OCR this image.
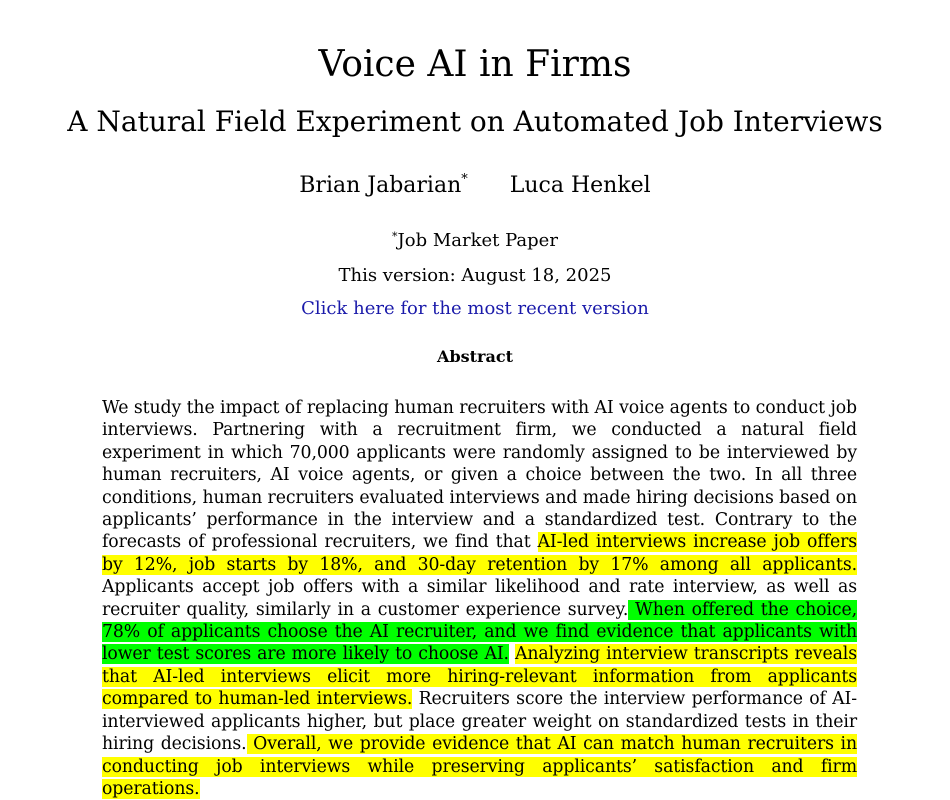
Voice AI in Firms
A Natural Field Experiment on Automated Job Interviews
Brian Jabarian* Luca Henkel
*Job Market Paper
This version: August 18, 2025
Click here for the most recent version
Abstract
We study the impact of replacing human recruiters with AI voice agents to conduct job interviews. Partnering with a recruitment firm, we conducted a natural field experiment in which 70,000 applicants were randomly assigned to be interviewed by human recruiters, AI voice agents, or given a choice between the two. In all three conditions, human recruiters evaluated interviews and made hiring decisions based on applicants’ performance in the interview and a standardized test. Contrary to the forecasts of professional recruiters, we find that AI-led interviews increase job offers by 12%, job starts by 18%, and 30-day retention by 17% among all applicants. Applicants accept job offers with a similar likelihood and rate interview, as well as recruiter quality, similarly in a customer experience survey. When offered the choice, 78% of applicants choose the AI recruiter, and we find evidence that applicants with lower test scores are more likely to choose AI. Analyzing interview transcripts reveals that AI-led interviews elicit more hiring-relevant information from applicants compared to human-led interviews. Recruiters score the interview performance of AI-interviewed applicants higher, but place greater weight on standardized tests in their hiring decisions. Overall, we provide evidence that AI can match human recruiters in conducting job interviews while preserving applicants’ satisfaction and firm operations.
